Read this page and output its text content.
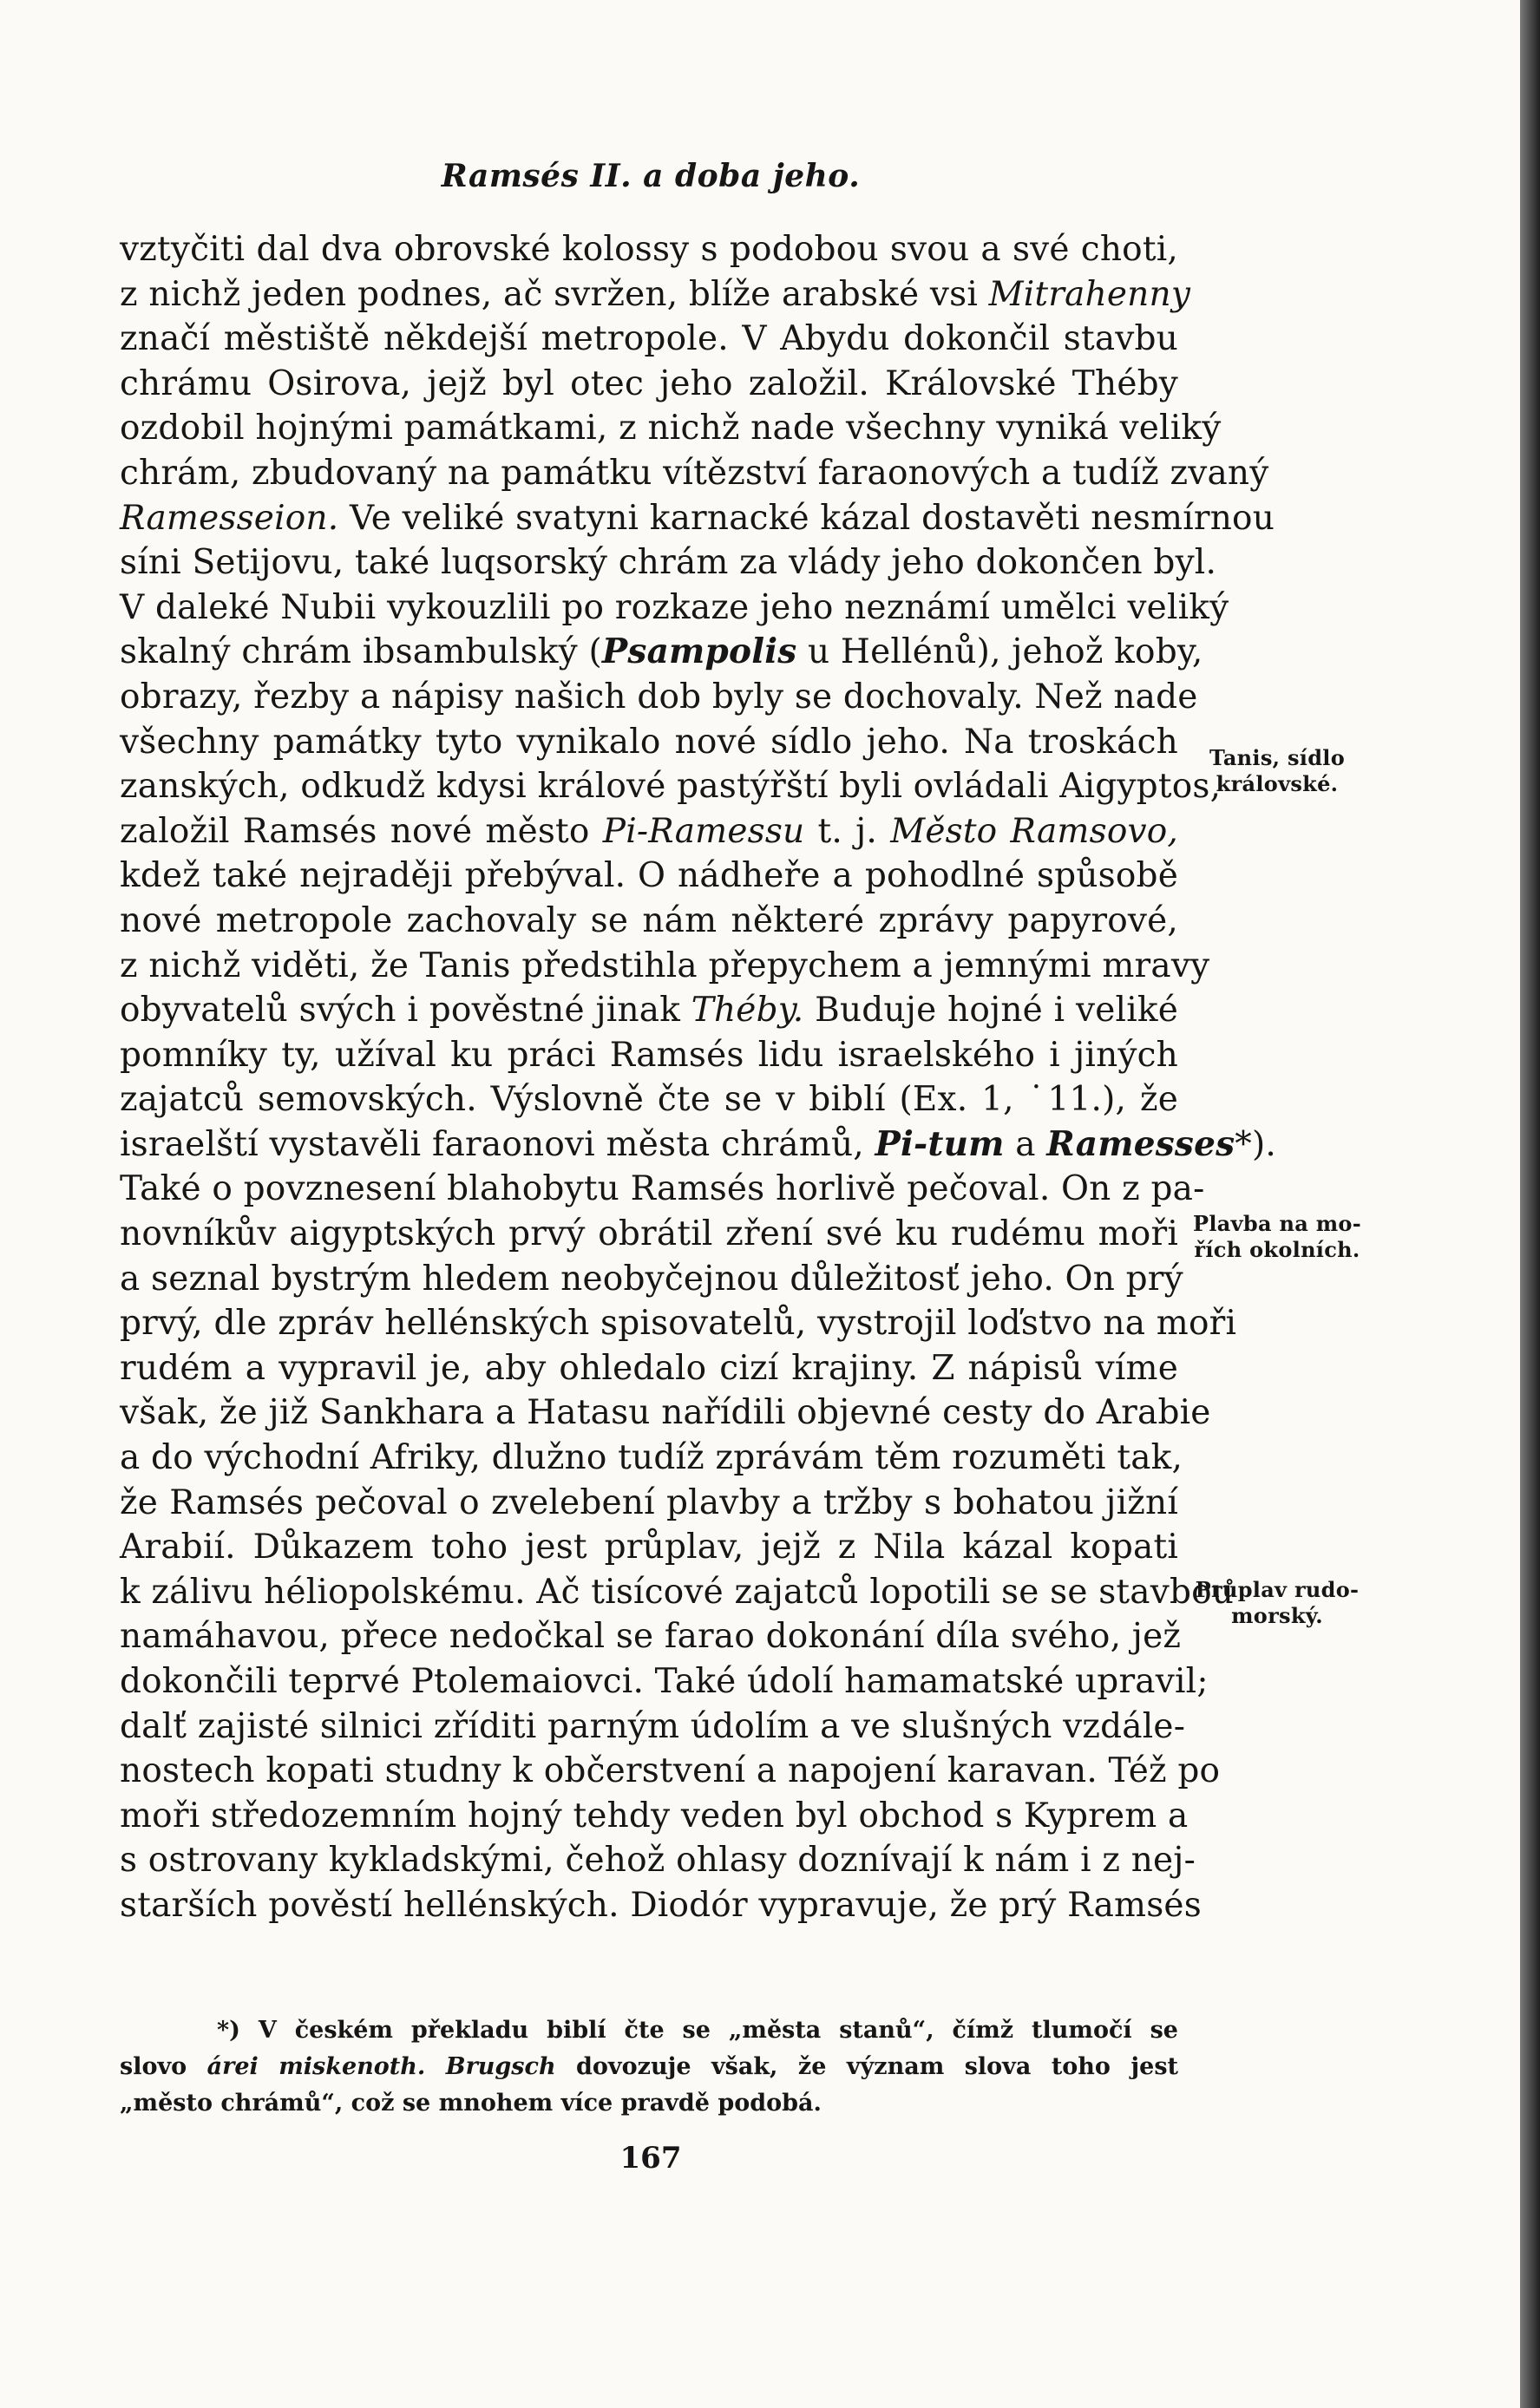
Ramsés II. a doba jeho.
vztyčiti dal dva obrovské kolossy s podobou svou a své choti,
z nichž jeden podnes, ač svržen, blíže arabské vsi Mitrahenny
značí městiště někdejší metropole. V Abydu dokončil stavbu
chrámu Osirova, jejž byl otec jeho založil. Královské Théby
ozdobil hojnými památkami, z nichž nade všechny vyniká veliký
chrám, zbudovaný na památku vítězství faraonových a tudíž zvaný
Ramesseion. Ve veliké svatyni karnacké kázal dostavěti nesmírnou
síni Setijovu, také luqsorský chrám za vlády jeho dokončen byl.
V daleké Nubii vykouzlili po rozkaze jeho neznámí umělci veliký
skalný chrám ibsambulský (Psampolis u Hellénů), jehož koby,
obrazy, řezby a nápisy našich dob byly se dochovaly. Než nade
všechny památky tyto vynikalo nové sídlo jeho. Na troskách
zanských, odkudž kdysi králové pastýřští byli ovládali Aigyptos,
založil Ramsés nové město Pi-Ramessu t. j. Město Ramsovo,
kdež také nejraději přebýval. O nádheře a pohodlné spůsobě
nové metropole zachovaly se nám některé zprávy papyrové,
z nichž viděti, že Tanis předstihla přepychem a jemnými mravy
obyvatelů svých i pověstné jinak Théby. Buduje hojné i veliké
pomníky ty, užíval ku práci Ramsés lidu israelského i jiných
zajatců semovských. Výslovně čte se v biblí (Ex. 1, ˙11.), že
israelští vystavěli faraonovi města chrámů, Pi-tum a Ramesses*).
Také o povznesení blahobytu Ramsés horlivě pečoval. On z pa-
novníkův aigyptských prvý obrátil zření své ku rudému moři
a seznal bystrým hledem neobyčejnou důležitosť jeho. On prý
prvý, dle zpráv hellénských spisovatelů, vystrojil loďstvo na moři
rudém a vypravil je, aby ohledalo cizí krajiny. Z nápisů víme
však, že již Sankhara a Hatasu nařídili objevné cesty do Arabie
a do východní Afriky, dlužno tudíž zprávám těm rozuměti tak,
že Ramsés pečoval o zvelebení plavby a tržby s bohatou jižní
Arabií. Důkazem toho jest průplav, jejž z Nila kázal kopati
k zálivu héliopolskému. Ač tisícové zajatců lopotili se se stavbou
namáhavou, přece nedočkal se farao dokonání díla svého, jež
dokončili teprvé Ptolemaiovci. Také údolí hamamatské upravil;
dalť zajisté silnici zříditi parným údolím a ve slušných vzdále-
nostech kopati studny k občerstvení a napojení karavan. Též po
moři středozemním hojný tehdy veden byl obchod s Kyprem a
s ostrovany kykladskými, čehož ohlasy doznívají k nám i z nej-
starších pověstí hellénských. Diodór vypravuje, že prý Ramsés
Tanis, sídlo
královské.
Plavba na mo-
řích okolních.
Průplav rudo-
morský.
*) V českém překladu biblí čte se „města stanů“, čímž tlumočí se
slovo árei miskenoth. Brugsch dovozuje však, že význam slova toho jest
„město chrámů“, což se mnohem více pravdě podobá.
167
